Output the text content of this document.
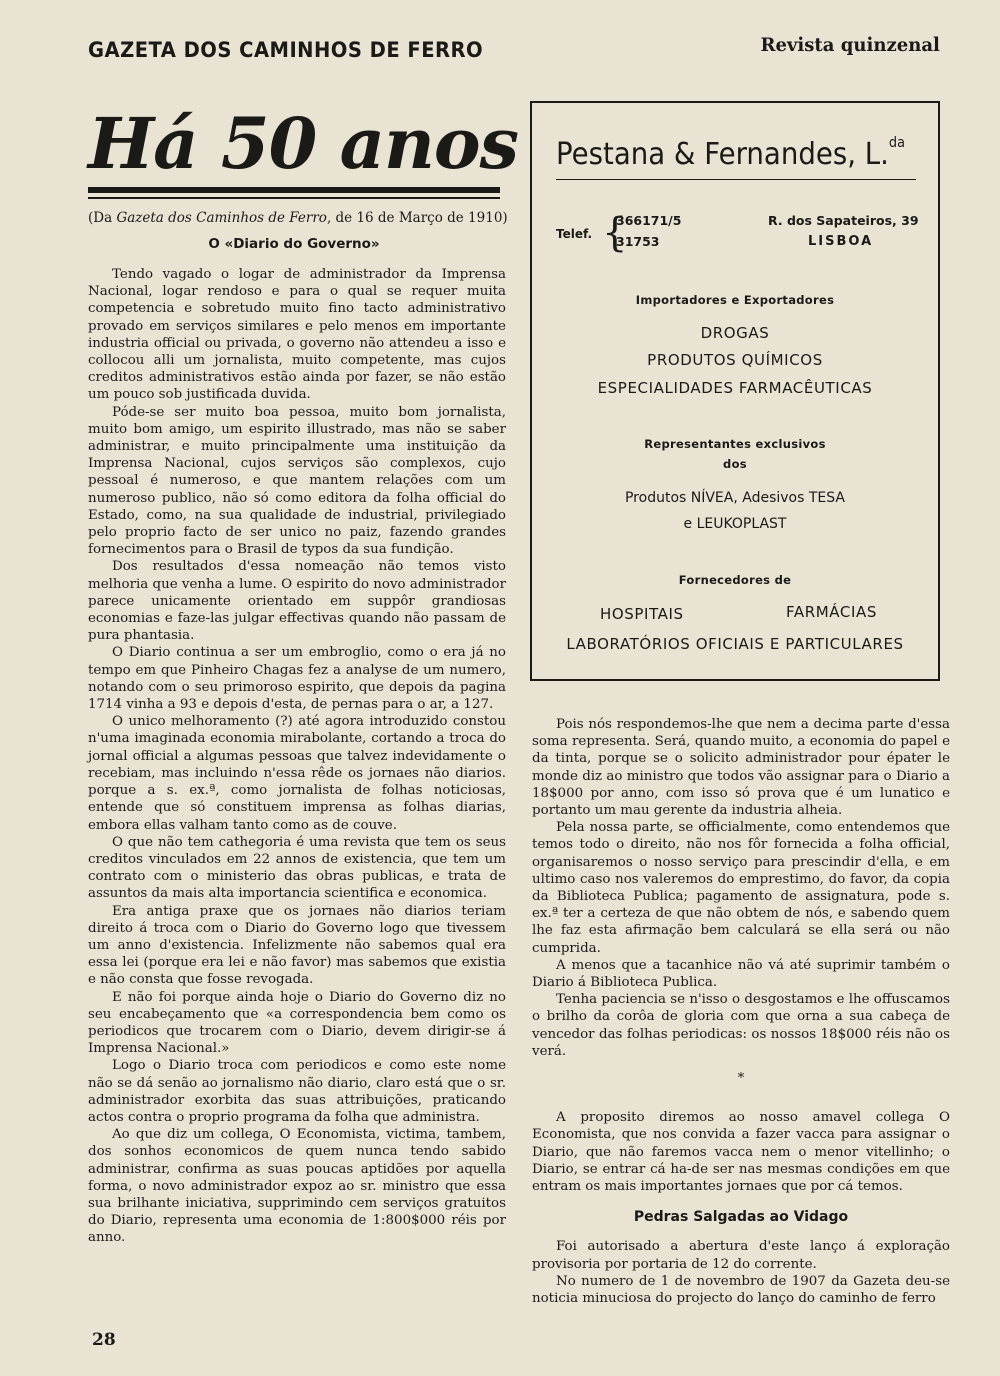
GAZETA DOS CAMINHOS DE FERRO	Revista quinzenal
Há 50 anos
(Da Gazeta dos Caminhos de Ferro, de 16 de Março de 1910)
O «Diario do Governo»

Tendo vagado o logar de administrador da Imprensa Nacional, logar rendoso e para o qual se requer muita competencia e sobretudo muito fino tacto administrativo provado em serviços similares e pelo menos em importante industria official ou privada, o governo não attendeu a isso e collocou alli um jornalista, muito competente, mas cujos creditos administrativos estão ainda por fazer, se não estão um pouco sob justificada duvida.

Póde-se ser muito boa pessoa, muito bom jornalista, muito bom amigo, um espirito illustrado, mas não se saber administrar, e muito principalmente uma instituição da Imprensa Nacional, cujos serviços são complexos, cujo pessoal é numeroso, e que mantem relações com um numeroso publico, não só como editora da folha official do Estado, como, na sua qualidade de industrial, privilegiado pelo proprio facto de ser unico no paiz, fazendo grandes fornecimentos para o Brasil de typos da sua fundição.

Dos resultados d'essa nomeação não temos visto melhoria que venha a lume. O espirito do novo administrador parece unicamente orientado em suppôr grandiosas economias e faze-las julgar effectivas quando não passam de pura phantasia.

O Diario continua a ser um embroglio, como o era já no tempo em que Pinheiro Chagas fez a analyse de um numero, notando com o seu primoroso espirito, que depois da pagina 1714 vinha a 93 e depois d'esta, de pernas para o ar, a 127.

O unico melhoramento (?) até agora introduzido constou n'uma imaginada economia mirabolante, cortando a troca do jornal official a algumas pessoas que talvez indevidamente o recebiam, mas incluindo n'essa rêde os jornaes não diarios. porque a s. ex.ª, como jornalista de folhas noticiosas, entende que só constituem imprensa as folhas diarias, embora ellas valham tanto como as de couve.

O que não tem cathegoria é uma revista que tem os seus creditos vinculados em 22 annos de existencia, que tem um contrato com o ministerio das obras publicas, e trata de assuntos da mais alta importancia scientifica e economica.

Era antiga praxe que os jornaes não diarios teriam direito á troca com o Diario do Governo logo que tivessem um anno d'existencia. Infelizmente não sabemos qual era essa lei (porque era lei e não favor) mas sabemos que existia e não consta que fosse revogada.

E não foi porque ainda hoje o Diario do Governo diz no seu encabeçamento que «a correspondencia bem como os periodicos que trocarem com o Diario, devem dirigir-se á Imprensa Nacional.»

Logo o Diario troca com periodicos e como este nome não se dá senão ao jornalismo não diario, claro está que o sr. administrador exorbita das suas attribuições, praticando actos contra o proprio programa da folha que administra.

Ao que diz um collega, O Economista, victima, tambem, dos sonhos economicos de quem nunca tendo sabido administrar, confirma as suas poucas aptidões por aquella forma, o novo administrador expoz ao sr. ministro que essa sua brilhante iniciativa, supprimindo cem serviços gratuitos do Diario, representa uma economia de 1:800$000 réis por anno.

Pestana & Fernandes, L.$^{da}$
Telef. {
366171/5
31753
R. dos Sapateiros, 39
LISBOA
Importadores e Exportadores
DROGAS
PRODUTOS QUÍMICOS
ESPECIALIDADES FARMACÊUTICAS
Representantes exclusivos
dos
Produtos NÍVEA, Adesivos TESA
e LEUKOPLAST
Fornecedores de
HOSPITAIS	FARMÁCIAS
LABORATÓRIOS OFICIAIS E PARTICULARES

Pois nós respondemos-lhe que nem a decima parte d'essa soma representa. Será, quando muito, a economia do papel e da tinta, porque se o solicito administrador pour épater le monde diz ao ministro que todos vão assignar para o Diario a 18$000 por anno, com isso só prova que é um lunatico e portanto um mau gerente da industria alheia.

Pela nossa parte, se officialmente, como entendemos que temos todo o direito, não nos fôr fornecida a folha official, organisaremos o nosso serviço para prescindir d'ella, e em ultimo caso nos valeremos do emprestimo, do favor, da copia da Biblioteca Publica; pagamento de assignatura, pode s. ex.ª ter a certeza de que não obtem de nós, e sabendo quem lhe faz esta afirmação bem calculará se ella será ou não cumprida.

A menos que a tacanhice não vá até suprimir também o Diario á Biblioteca Publica.

Tenha paciencia se n'isso o desgostamos e lhe offuscamos o brilho da corôa de gloria com que orna a sua cabeça de vencedor das folhas periodicas: os nossos 18$000 réis não os verá.

*

A proposito diremos ao nosso amavel collega O Economista, que nos convida a fazer vacca para assignar o Diario, que não faremos vacca nem o menor vitellinho; o Diario, se entrar cá ha-de ser nas mesmas condições em que entram os mais importantes jornaes que por cá temos.

Pedras Salgadas ao Vidago

Foi autorisado a abertura d'este lanço á exploração provisoria por portaria de 12 do corrente.

No numero de 1 de novembro de 1907 da Gazeta deu-se noticia minuciosa do projecto do lanço do caminho de ferro

28
